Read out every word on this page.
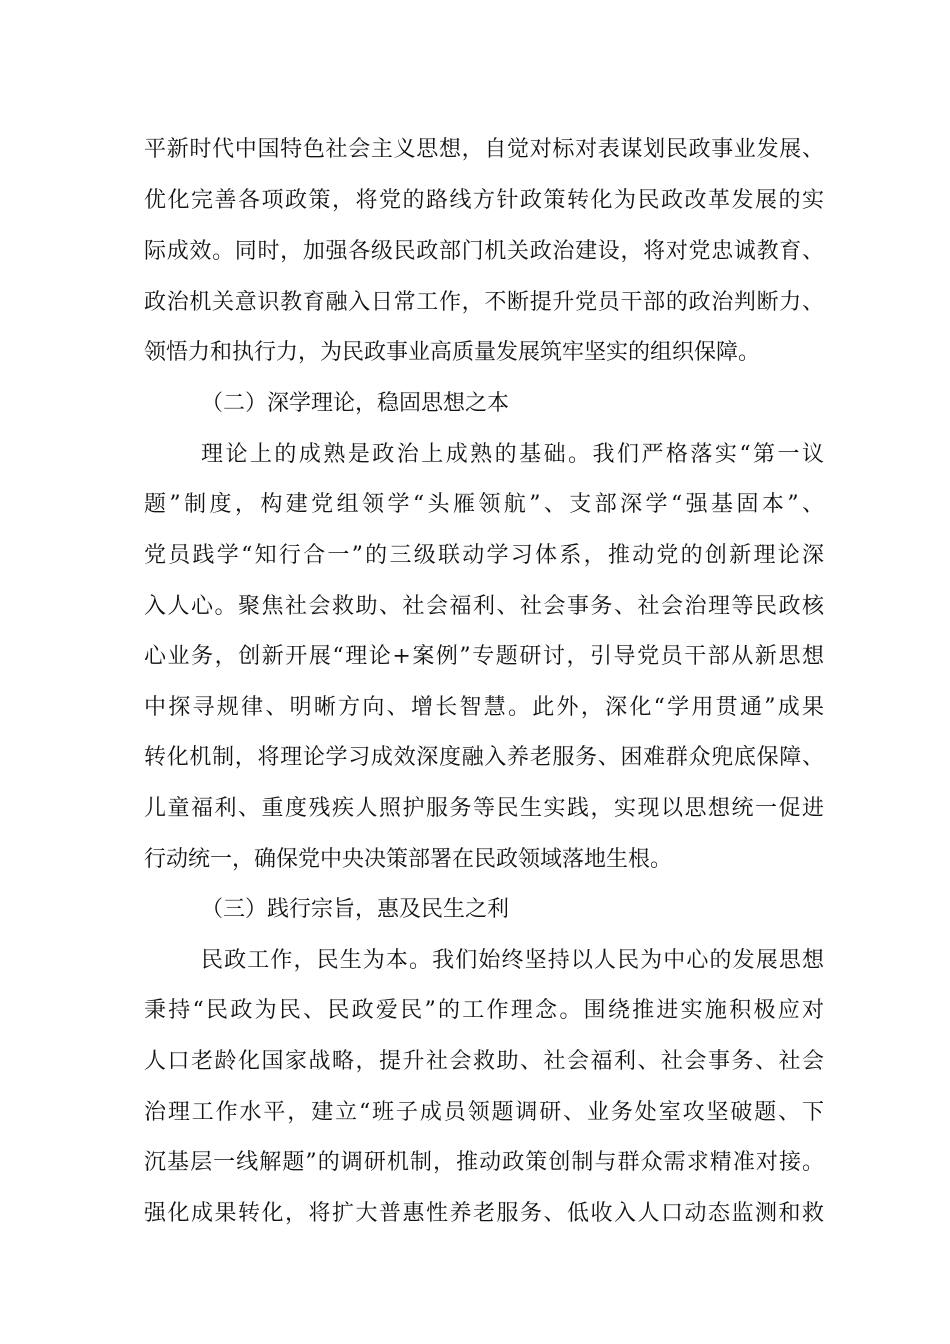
平新时代中国特色社会主义思想，自觉对标对表谋划民政事业发展、
优化完善各项政策，将党的路线方针政策转化为民政改革发展的实
际成效。同时，加强各级民政部门机关政治建设，将对党忠诚教育、
政治机关意识教育融入日常工作，不断提升党员干部的政治判断力、
领悟力和执行力，为民政事业高质量发展筑牢坚实的组织保障。
（二）深学理论，稳固思想之本
理论上的成熟是政治上成熟的基础。我们严格落实“第一议
题”制度，构建党组领学“头雁领航”、支部深学“强基固本”、
党员践学“知行合一”的三级联动学习体系，推动党的创新理论深
入人心。聚焦社会救助、社会福利、社会事务、社会治理等民政核
心业务，创新开展“理论+案例”专题研讨，引导党员干部从新思想
中探寻规律、明晰方向、增长智慧。此外，深化“学用贯通”成果
转化机制，将理论学习成效深度融入养老服务、困难群众兜底保障、
儿童福利、重度残疾人照护服务等民生实践，实现以思想统一促进
行动统一，确保党中央决策部署在民政领域落地生根。
（三）践行宗旨，惠及民生之利
民政工作，民生为本。我们始终坚持以人民为中心的发展思想
秉持“民政为民、民政爱民”的工作理念。围绕推进实施积极应对
人口老龄化国家战略，提升社会救助、社会福利、社会事务、社会
治理工作水平，建立“班子成员领题调研、业务处室攻坚破题、下
沉基层一线解题”的调研机制，推动政策创制与群众需求精准对接。
强化成果转化，将扩大普惠性养老服务、低收入人口动态监测和救
